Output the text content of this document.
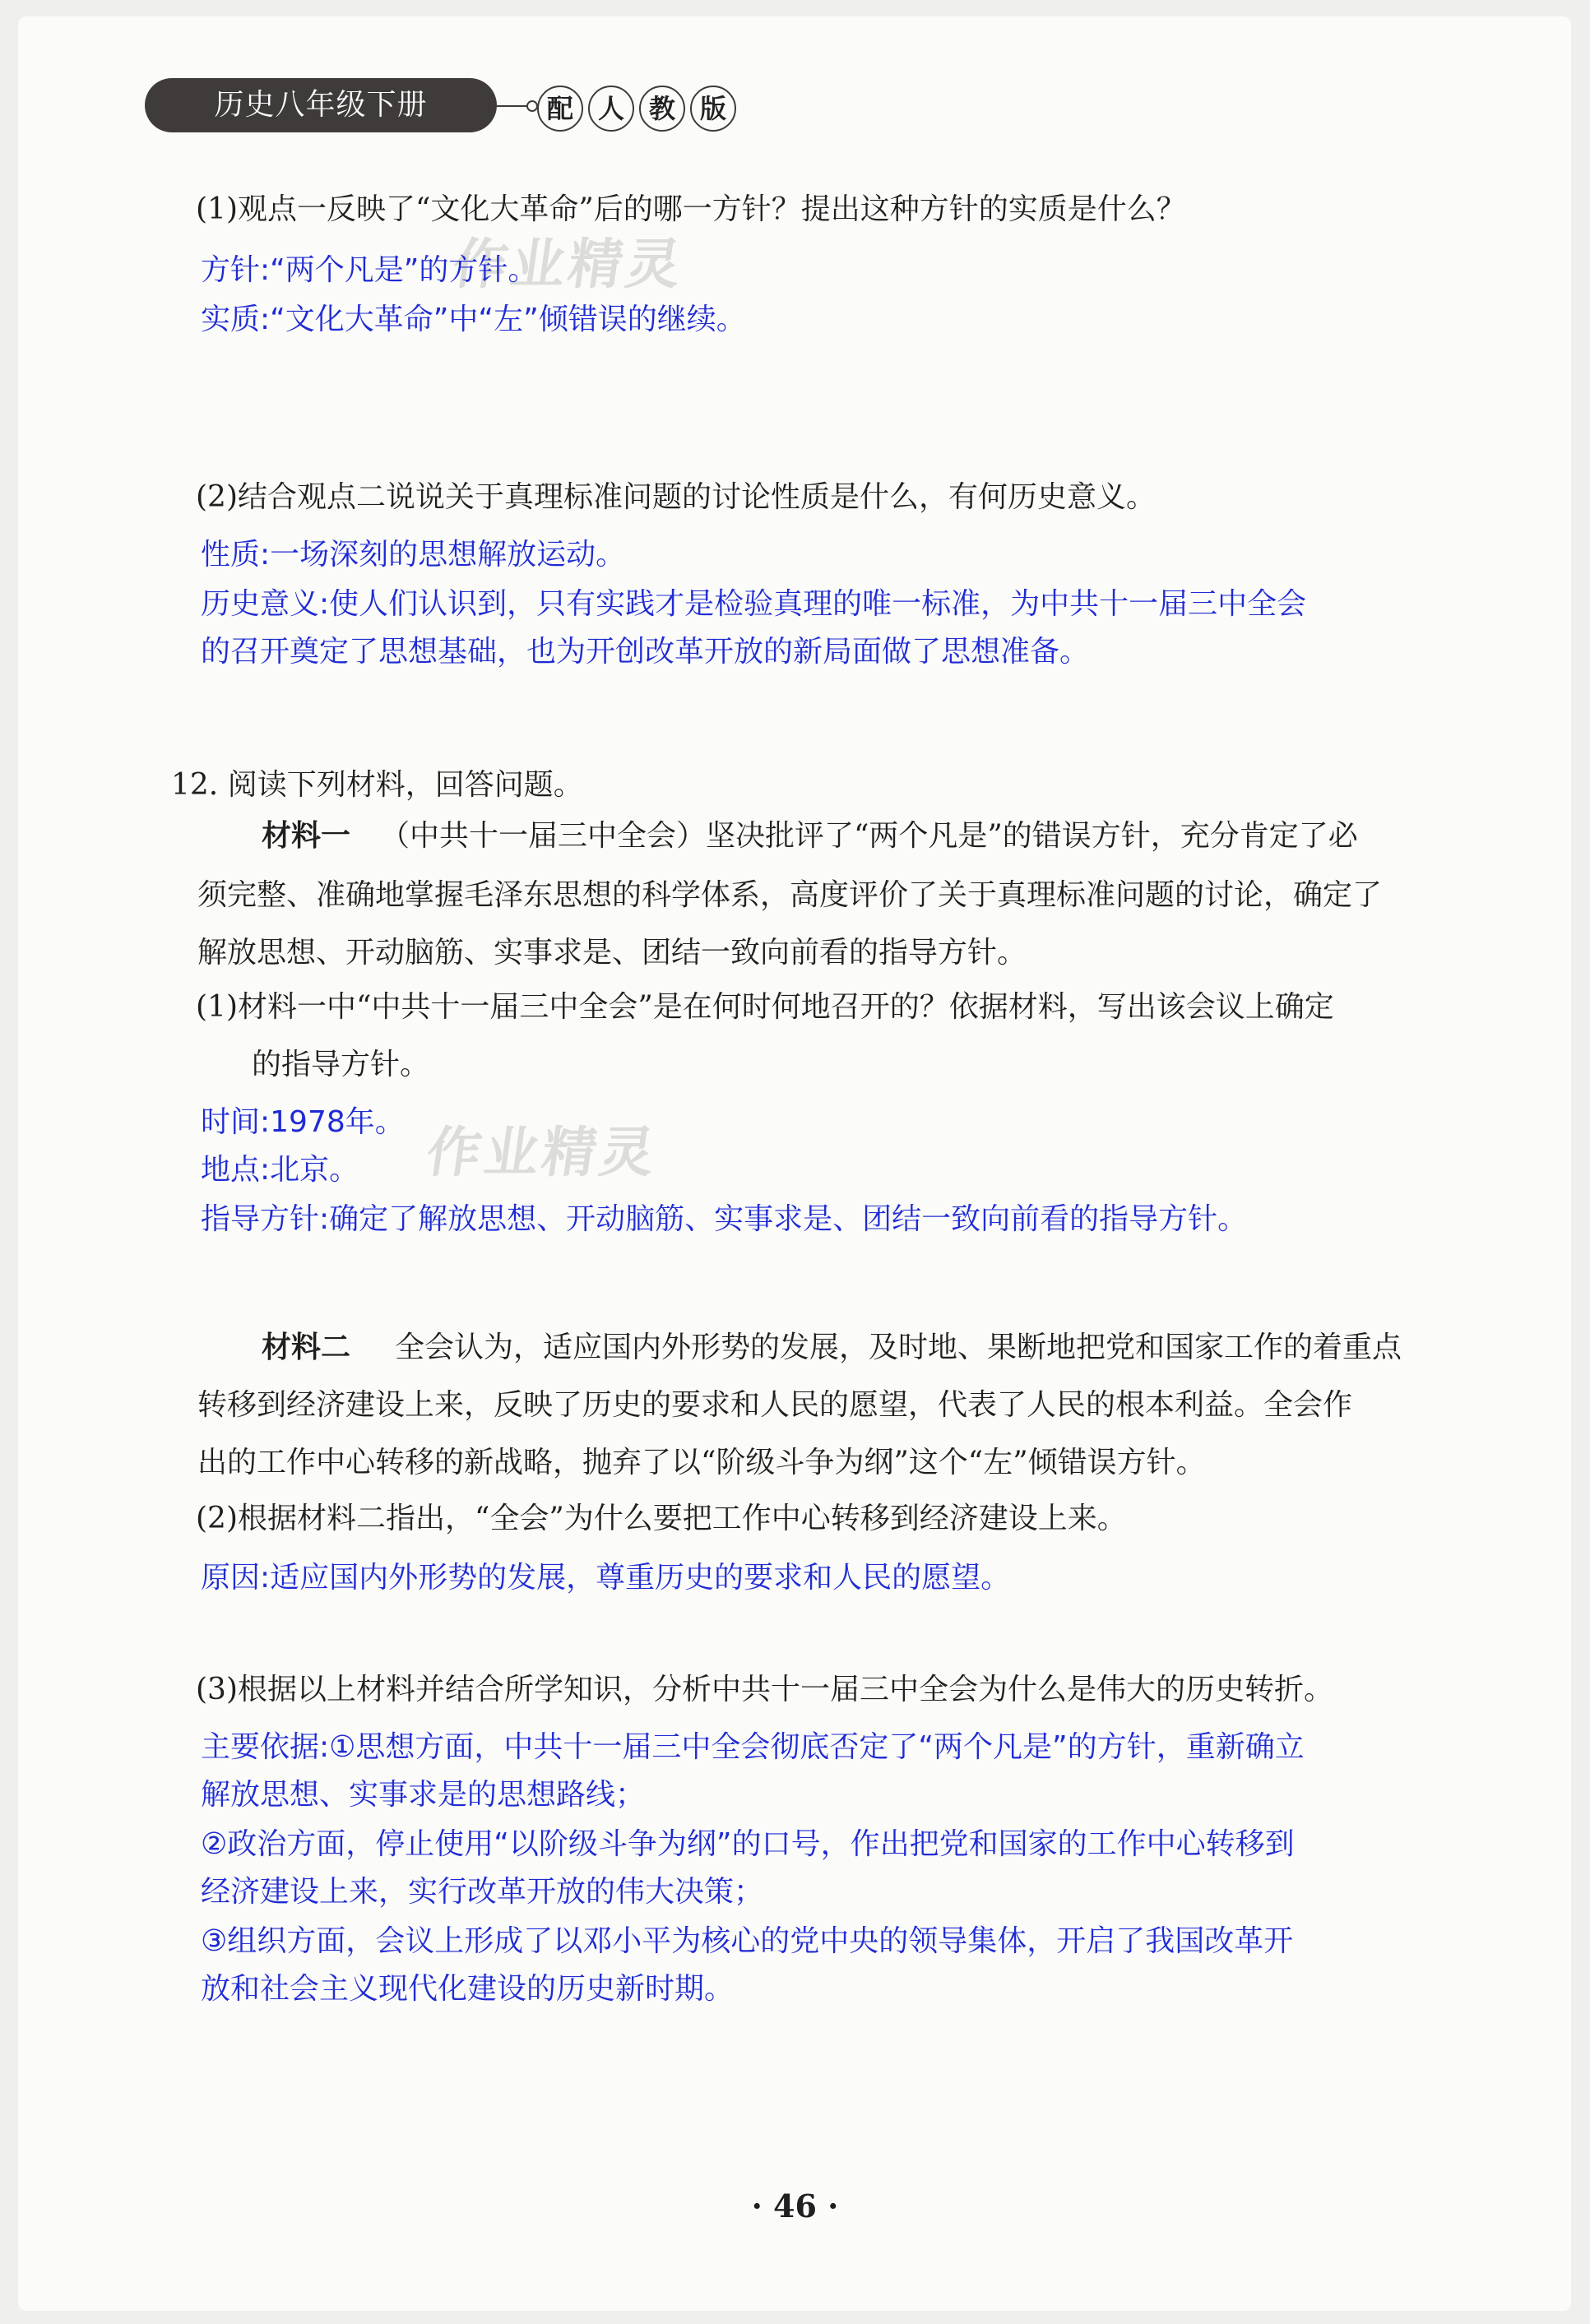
历史八年级下册	配 人 教 版
作业精灵
作业精灵
(1)观点一反映了“文化大革命”后的哪一方针？提出这种方针的实质是什么？
方针:“两个凡是”的方针。
实质:“文化大革命”中“左”倾错误的继续。
(2)结合观点二说说关于真理标准问题的讨论性质是什么，有何历史意义。
性质:一场深刻的思想解放运动。
历史意义:使人们认识到，只有实践才是检验真理的唯一标准，为中共十一届三中全会
的召开奠定了思想基础，也为开创改革开放的新局面做了思想准备。
12. 阅读下列材料，回答问题。
材料一 （中共十一届三中全会）坚决批评了“两个凡是”的错误方针，充分肯定了必
须完整、准确地掌握毛泽东思想的科学体系，高度评价了关于真理标准问题的讨论，确定了
解放思想、开动脑筋、实事求是、团结一致向前看的指导方针。
(1)材料一中“中共十一届三中全会”是在何时何地召开的？依据材料，写出该会议上确定
的指导方针。
时间:1978年。
地点:北京。
指导方针:确定了解放思想、开动脑筋、实事求是、团结一致向前看的指导方针。
材料二 全会认为，适应国内外形势的发展，及时地、果断地把党和国家工作的着重点
转移到经济建设上来，反映了历史的要求和人民的愿望，代表了人民的根本利益。全会作
出的工作中心转移的新战略，抛弃了以“阶级斗争为纲”这个“左”倾错误方针。
(2)根据材料二指出，“全会”为什么要把工作中心转移到经济建设上来。
原因:适应国内外形势的发展，尊重历史的要求和人民的愿望。
(3)根据以上材料并结合所学知识，分析中共十一届三中全会为什么是伟大的历史转折。
主要依据:①思想方面，中共十一届三中全会彻底否定了“两个凡是”的方针，重新确立
解放思想、实事求是的思想路线；
②政治方面，停止使用“以阶级斗争为纲”的口号，作出把党和国家的工作中心转移到
经济建设上来，实行改革开放的伟大决策；
③组织方面，会议上形成了以邓小平为核心的党中央的领导集体，开启了我国改革开
放和社会主义现代化建设的历史新时期。
· 46 ·
